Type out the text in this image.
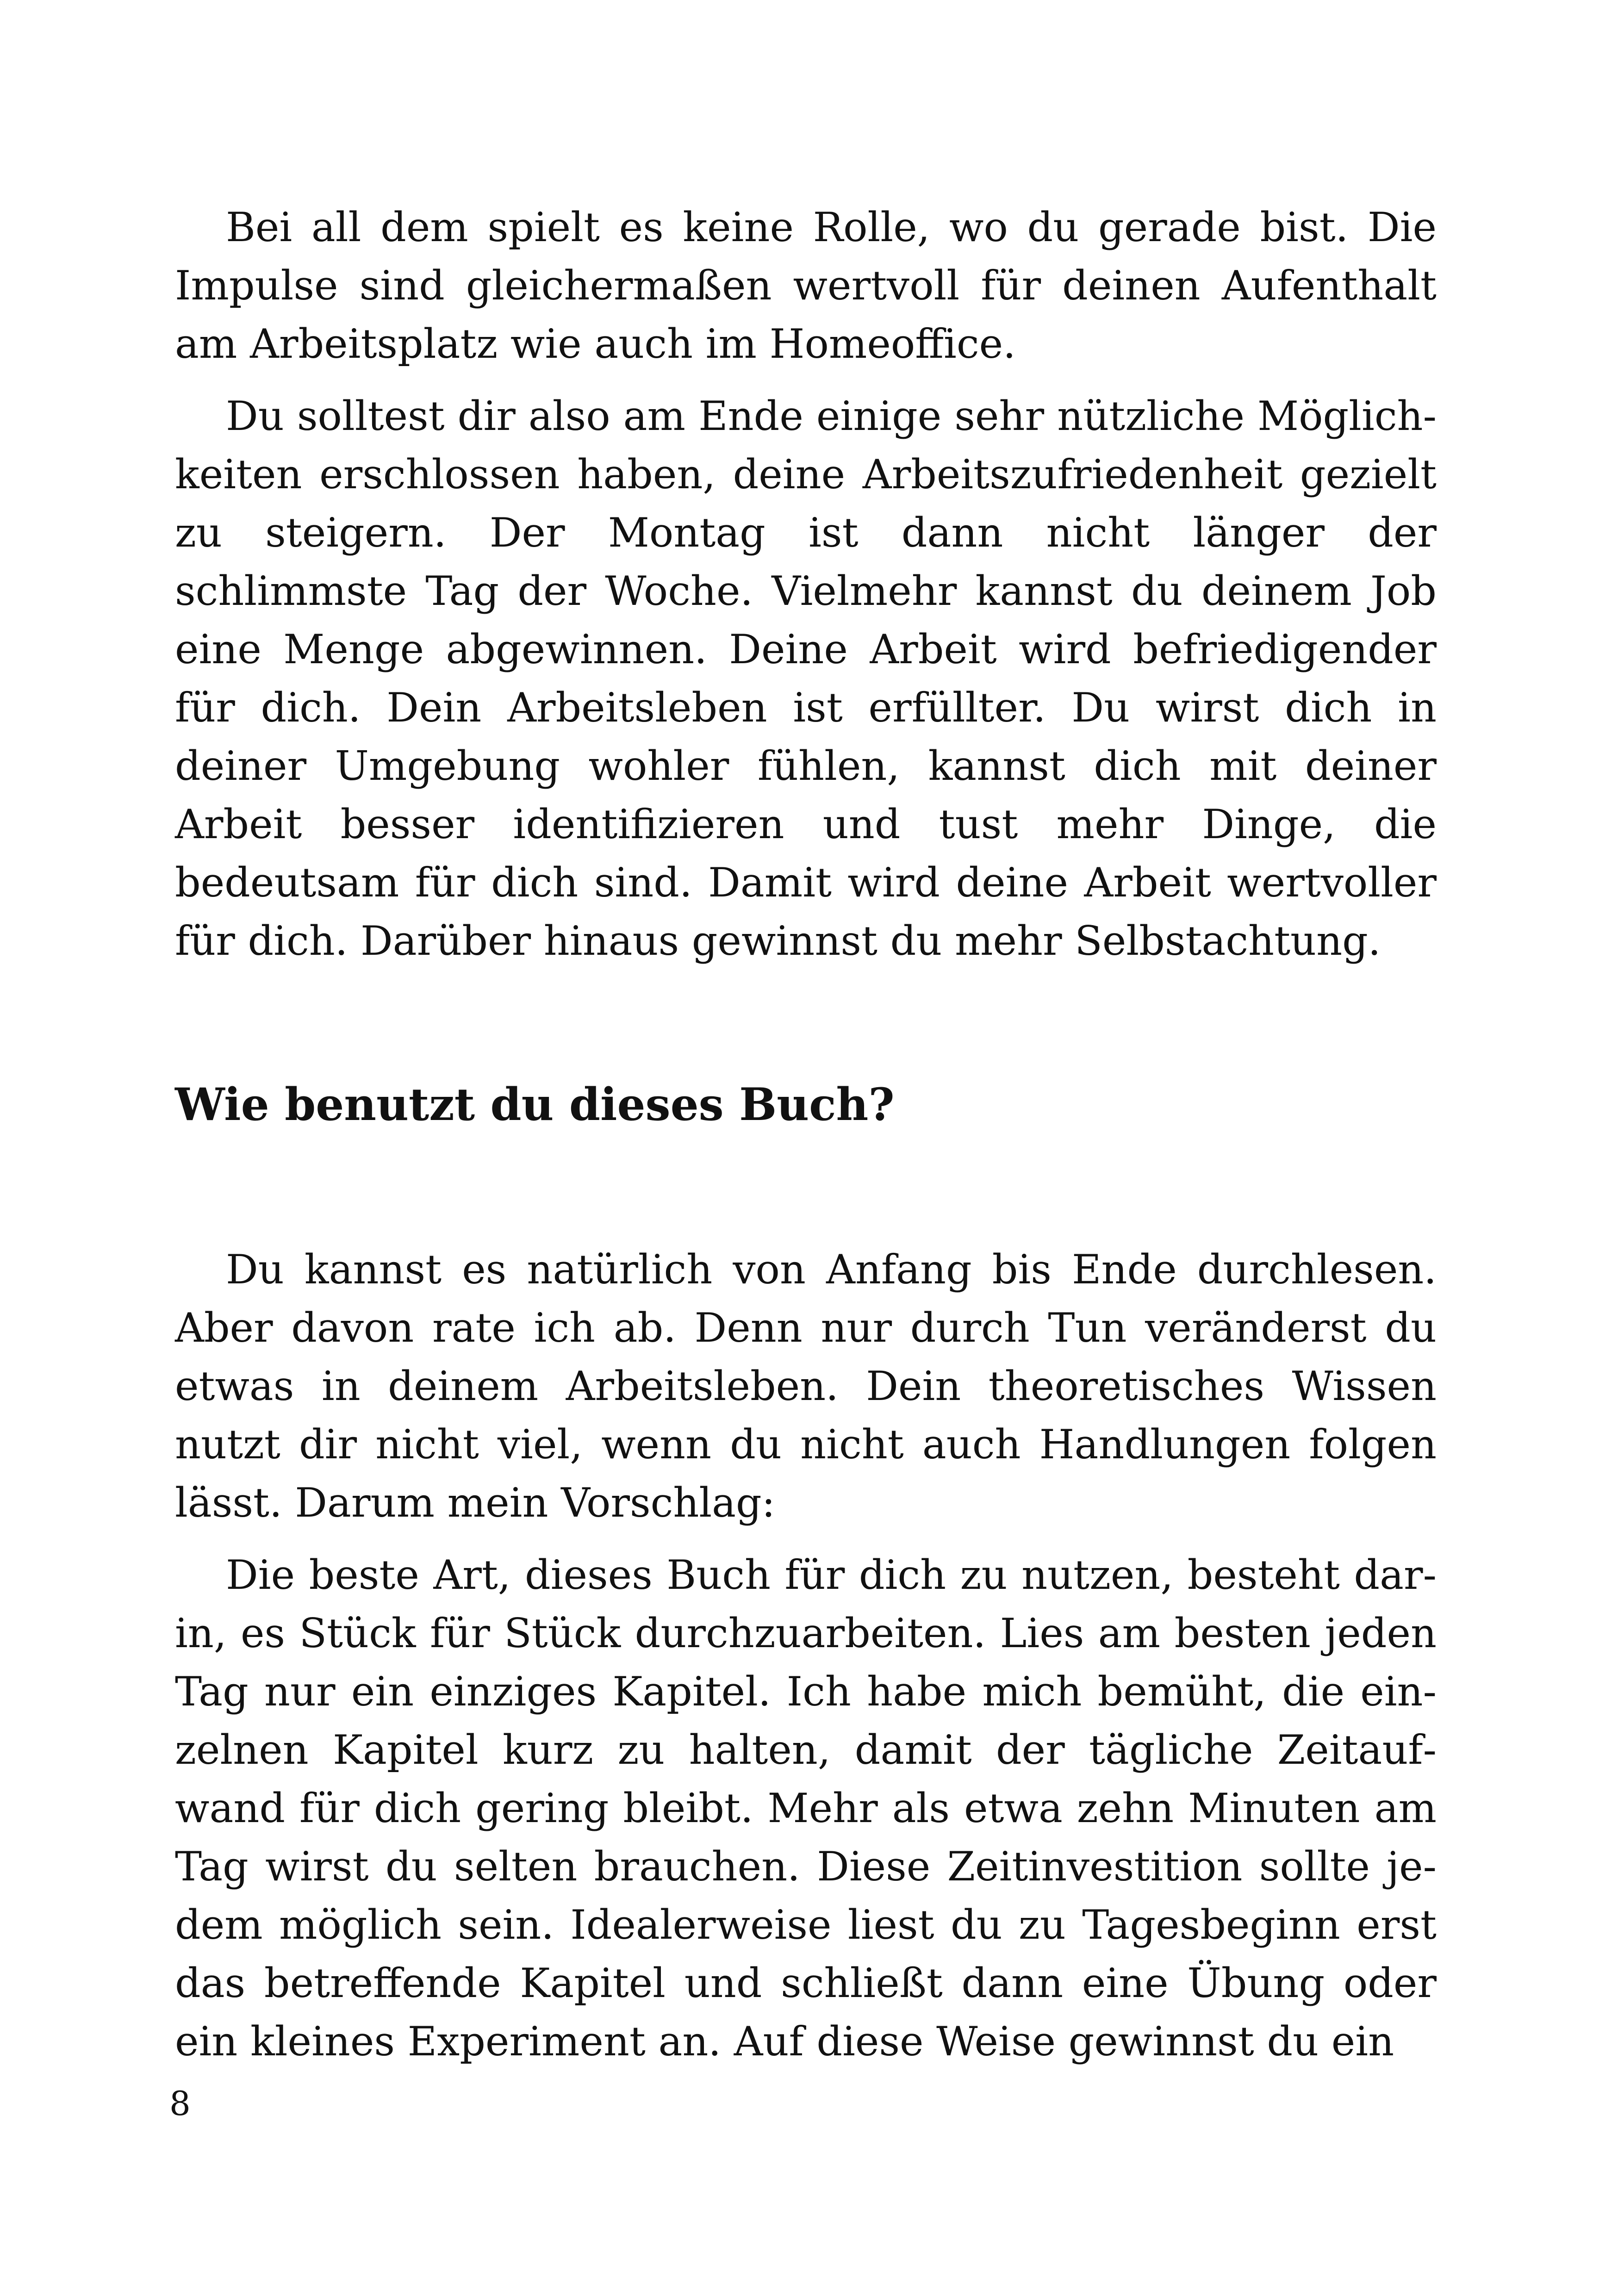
Bei all dem spielt es keine Rolle, wo du gerade bist. Die Impulse sind gleichermaßen wertvoll für deinen Aufenthalt am Arbeitsplatz wie auch im Homeoffice.

Du solltest dir also am Ende einige sehr nützliche Möglichkeiten erschlossen haben, deine Arbeitszufriedenheit gezielt zu steigern. Der Montag ist dann nicht länger der schlimmste Tag der Woche. Vielmehr kannst du deinem Job eine Menge abgewinnen. Deine Arbeit wird befriedigender für dich. Dein Arbeitsleben ist erfüllter. Du wirst dich in deiner Umgebung wohler fühlen, kannst dich mit deiner Arbeit besser identifizieren und tust mehr Dinge, die bedeutsam für dich sind. Damit wird deine Arbeit wertvoller für dich. Darüber hinaus gewinnst du mehr Selbstachtung.

Wie benutzt du dieses Buch?

Du kannst es natürlich von Anfang bis Ende durchlesen. Aber davon rate ich ab. Denn nur durch Tun veränderst du etwas in deinem Arbeitsleben. Dein theoretisches Wissen nutzt dir nicht viel, wenn du nicht auch Handlungen folgen lässt. Darum mein Vorschlag:

Die beste Art, dieses Buch für dich zu nutzen, besteht darin, es Stück für Stück durchzuarbeiten. Lies am besten jeden Tag nur ein einziges Kapitel. Ich habe mich bemüht, die einzelnen Kapitel kurz zu halten, damit der tägliche Zeitaufwand für dich gering bleibt. Mehr als etwa zehn Minuten am Tag wirst du selten brauchen. Diese Zeitinvestition sollte jedem möglich sein. Idealerweise liest du zu Tagesbeginn erst das betreffende Kapitel und schließt dann eine Übung oder ein kleines Experiment an. Auf diese Weise gewinnst du ein

8
